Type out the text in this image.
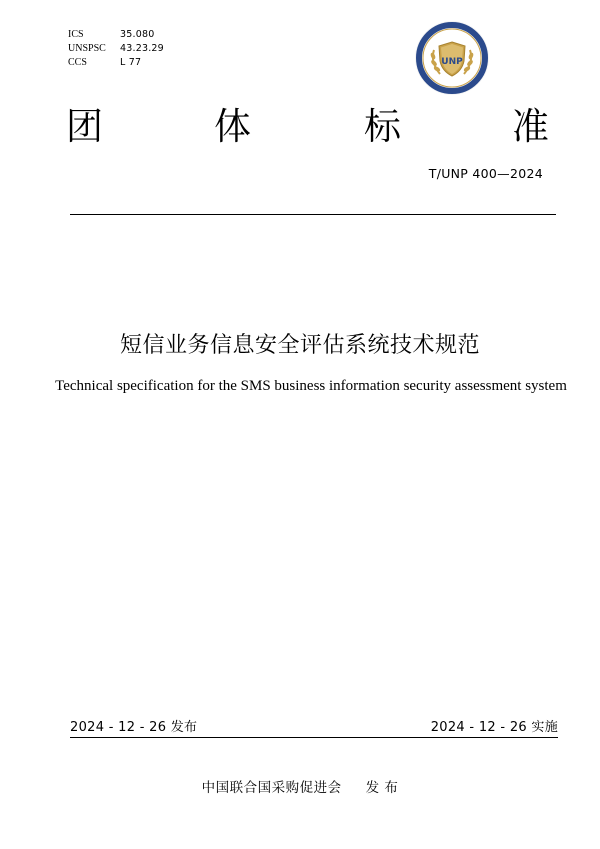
ICS	35.080
UNSPSC 43.23.29
CCS	L 77	UNP
团	体	标	准
T/UNP 400—2024
短信业务信息安全评估系统技术规范
Technical specification for the SMS business information security assessment system
2024 - 12 - 26 发布	2024 - 12 - 26 实施
中国联合国采购促进会     发 布
